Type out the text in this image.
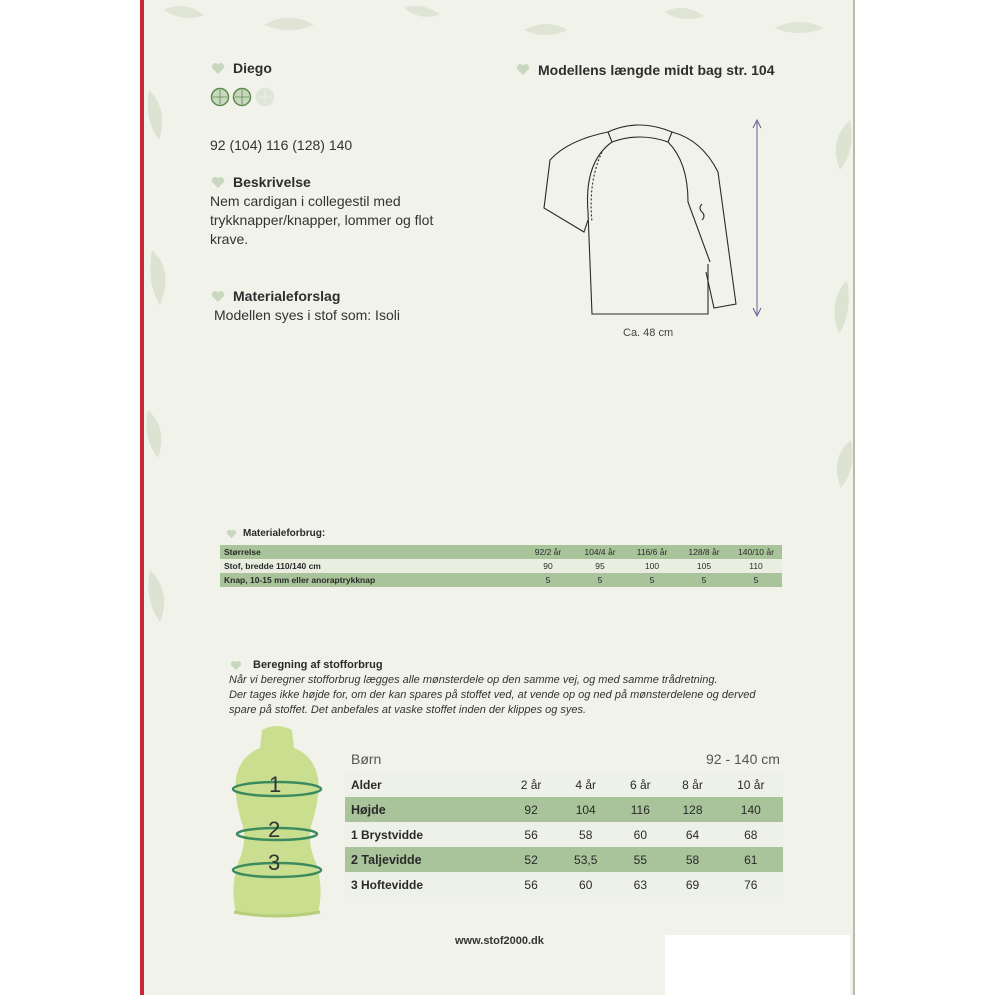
1
2
3
Diego
92 (104) 116 (128) 140
Beskrivelse
Nem cardigan i collegestil med
trykknapper/knapper, lommer og flot
krave.
Materialeforslag
Modellen syes i stof som: Isoli
Modellens længde midt bag str. 104
Ca. 48 cm
Materialeforbrug:
Størrelse	92/2 år	104/4 år	116/6 år	128/8 år	140/10 år
Stof, bredde 110/140 cm	90	95	100	105	110
Knap, 10-15 mm eller anoraptrykknap	5	5	5	5	5
Beregning af stofforbrug
Når vi beregner stofforbrug lægges alle mønsterdele op den samme vej, og med samme trådretning.
Der tages ikke højde for, om der kan spares på stoffet ved, at vende op og ned på mønsterdelene og derved
spare på stoffet. Det anbefales at vaske stoffet inden der klippes og syes.
Børn	92 - 140 cm
Alder	2 år	4 år	6 år	8 år	10 år
Højde	92	104	116	128	140
1 Brystvidde	56	58	60	64	68
2 Taljevidde	52	53,5	55	58	61
3 Hoftevidde	56	60	63	69	76
www.stof2000.dk
